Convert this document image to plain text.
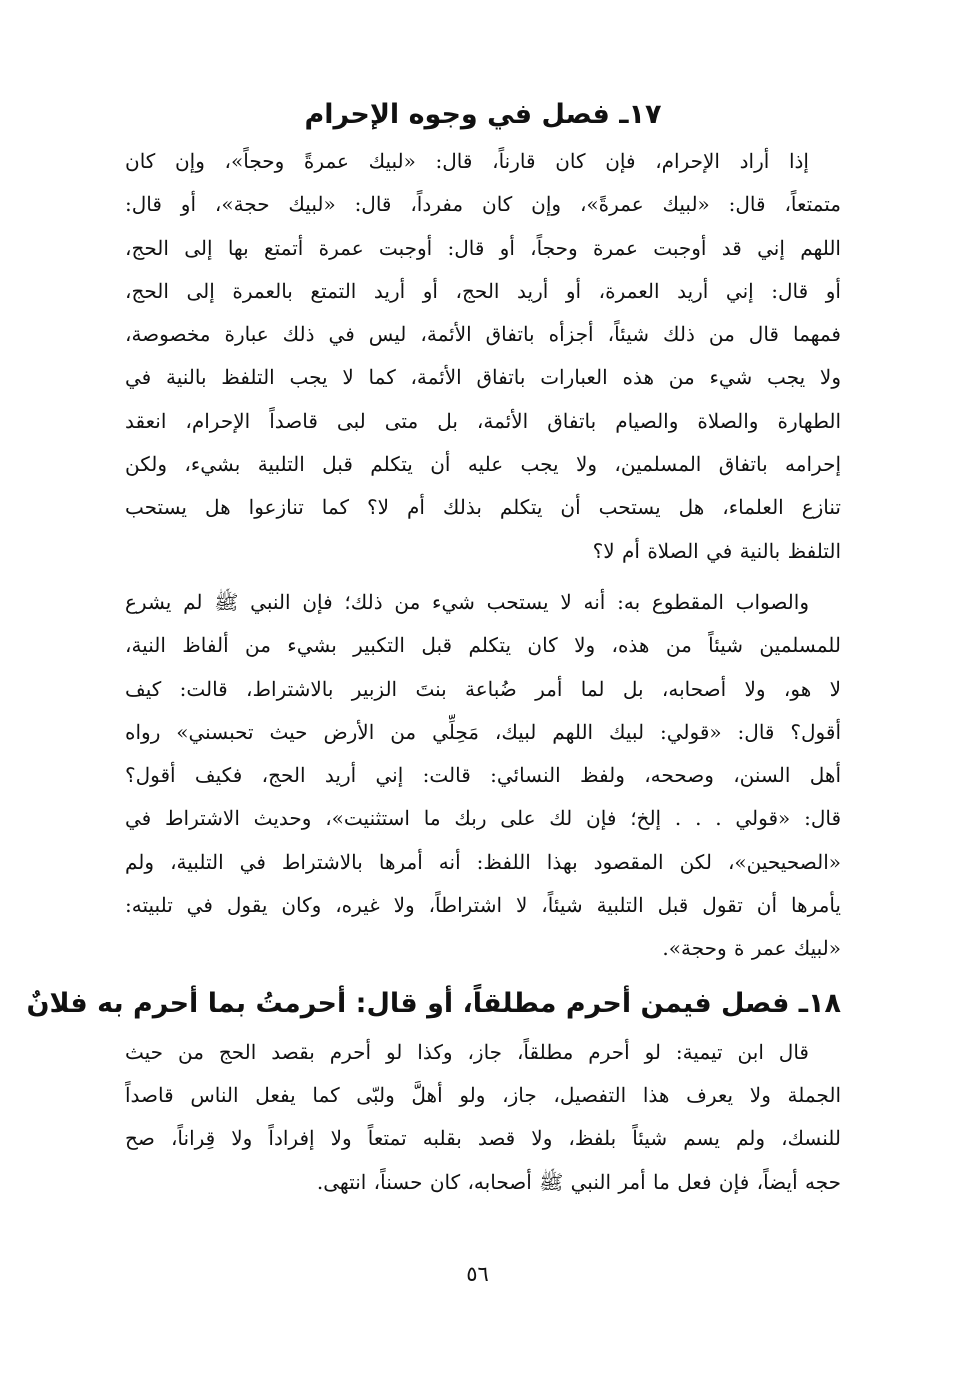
١٧ـ فصل في وجوه الإحرام
إذا أراد الإحرام، فإن كان قارناً، قال: «لبيك عمرةً وحجاً»، وإن كان
متمتعاً، قال: «لبيك عمرةً»، وإن كان مفرداً، قال: «لبيك حجة»، أو قال:
اللهم إني قد أوجبت عمرة وحجاً، أو قال: أوجبت عمرة أتمتع بها إلى الحج،
أو قال: إني أريد العمرة، أو أريد الحج، أو أريد التمتع بالعمرة إلى الحج،
فمهما قال من ذلك شيئاً، أجزأه باتفاق الأئمة، ليس في ذلك عبارة مخصوصة،
ولا يجب شيء من هذه العبارات باتفاق الأئمة، كما لا يجب التلفظ بالنية في
الطهارة والصلاة والصيام باتفاق الأئمة، بل متى لبى قاصداً الإحرام، انعقد
إحرامه باتفاق المسلمين، ولا يجب عليه أن يتكلم قبل التلبية بشيء، ولكن
تنازع العلماء، هل يستحب أن يتكلم بذلك أم لا؟ كما تنازعوا هل يستحب
التلفظ بالنية في الصلاة أم لا؟
والصواب المقطوع به: أنه لا يستحب شيء من ذلك؛ فإن النبي ﷺ لم يشرع
للمسلمين شيئاً من هذه، ولا كان يتكلم قبل التكبير بشيء من ألفاظ النية،
لا هو، ولا أصحابه، بل لما أمر ضُباعة بنتَ الزبير بالاشتراط، قالت: كيف
أقول؟ قال: «قولي: لبيك اللهم لبيك، مَحِلِّي من الأرض حيث تحبسني» رواه
أهل السنن، وصححه، ولفظ النسائي: قالت: إني أريد الحج، فكيف أقول؟
قال: «قولي . . . إلخ؛ فإن لك على ربك ما استثنيت»، وحديث الاشتراط في
«الصحيحين»، لكن المقصود بهذا اللفظ: أنه أمرها بالاشتراط في التلبية، ولم
يأمرها أن تقول قبل التلبية شيئاً، لا اشتراطاً، ولا غيره، وكان يقول في تلبيته:
«لبيك عمر ة وحجة».
١٨ـ فصل فيمن أحرم مطلقاً، أو قال: أحرمتُ بما أحرم به فلانٌ
قال ابن تيمية: لو أحرم مطلقاً، جاز، وكذا لو أحرم بقصد الحج من حيث
الجملة ولا يعرف هذا التفصيل، جاز، ولو أهلَّ ولبّى كما يفعل الناس قاصداً
للنسك، ولم يسم شيئاً بلفظ، ولا قصد بقلبه تمتعاً ولا إفراداً ولا قِراناً، صح
حجه أيضاً، فإن فعل ما أمر النبي ﷺ أصحابه، كان حسناً، انتهى.
٥٦
